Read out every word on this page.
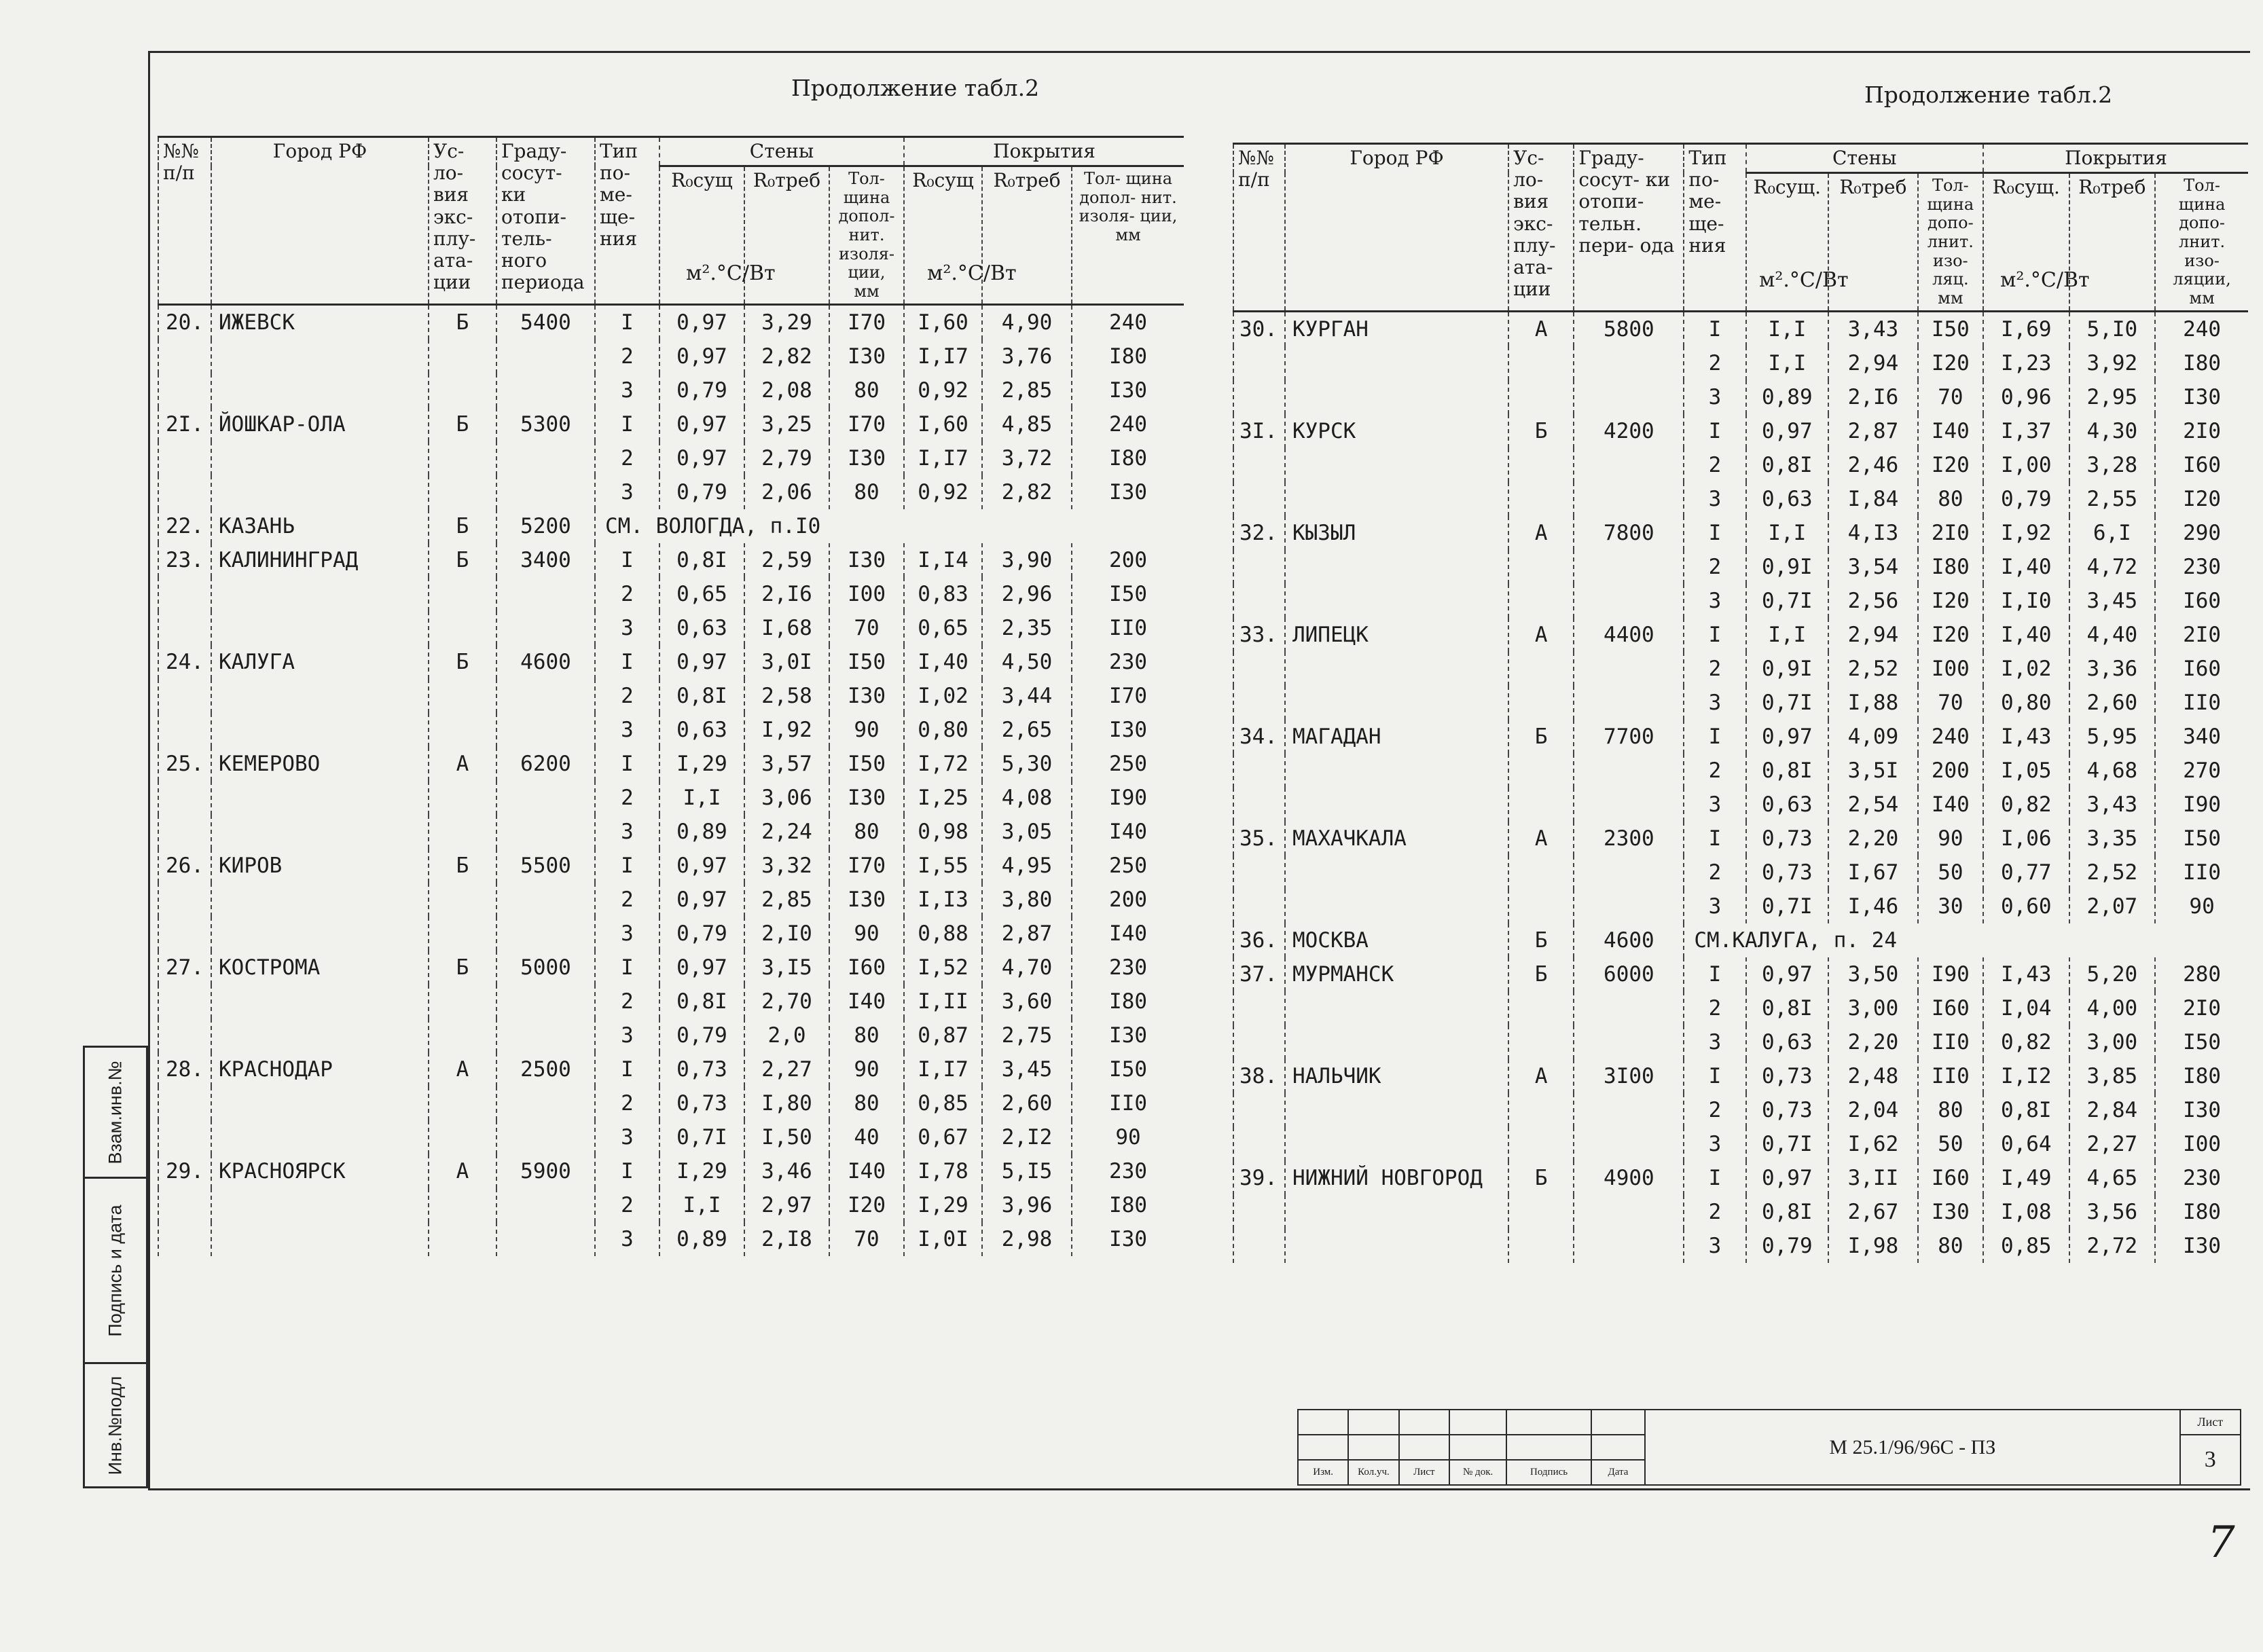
Взам.инв.№
Подпись и дата
Инв.№подл
Продолжение табл.2	Продолжение табл.2
№№ п/п	Город РФ	Ус- ло- вия экс- плу- ата- ции	Граду- сосут- ки отопи- тель- ного периода	Тип по- ме- ще- ния	Стены			Покрытия		
					R₀сущ	R₀треб	Тол- щина допол- нит. изоля- ции, мм	R₀сущ	R₀треб	Тол- щина допол- нит. изоля- ции, мм
20.	ИЖЕВСК	Б	5400	I	0,97	3,29	I70	I,60	4,90	240
				2	0,97	2,82	I30	I,I7	3,76	I80
				3	0,79	2,08	80	0,92	2,85	I30
2I.	ЙОШКАР-ОЛА	Б	5300	I	0,97	3,25	I70	I,60	4,85	240
				2	0,97	2,79	I30	I,I7	3,72	I80
				3	0,79	2,06	80	0,92	2,82	I30
22.	КАЗАНЬ	Б	5200	СМ. ВОЛОГДА, п.I0						
23.	КАЛИНИНГРАД	Б	3400	I	0,8I	2,59	I30	I,I4	3,90	200
				2	0,65	2,I6	I00	0,83	2,96	I50
				3	0,63	I,68	70	0,65	2,35	II0
24.	КАЛУГА	Б	4600	I	0,97	3,0I	I50	I,40	4,50	230
				2	0,8I	2,58	I30	I,02	3,44	I70
				3	0,63	I,92	90	0,80	2,65	I30
25.	КЕМЕРОВО	А	6200	I	I,29	3,57	I50	I,72	5,30	250
				2	I,I	3,06	I30	I,25	4,08	I90
				3	0,89	2,24	80	0,98	3,05	I40
26.	КИРОВ	Б	5500	I	0,97	3,32	I70	I,55	4,95	250
				2	0,97	2,85	I30	I,I3	3,80	200
				3	0,79	2,I0	90	0,88	2,87	I40
27.	КОСТРОМА	Б	5000	I	0,97	3,I5	I60	I,52	4,70	230
				2	0,8I	2,70	I40	I,II	3,60	I80
				3	0,79	2,0	80	0,87	2,75	I30
28.	КРАСНОДАР	А	2500	I	0,73	2,27	90	I,I7	3,45	I50
				2	0,73	I,80	80	0,85	2,60	II0
				3	0,7I	I,50	40	0,67	2,I2	90
29.	КРАСНОЯРСК	А	5900	I	I,29	3,46	I40	I,78	5,I5	230
				2	I,I	2,97	I20	I,29	3,96	I80
				3	0,89	2,I8	70	I,0I	2,98	I30
м².°С/Вт	м².°С/Вт
№№ п/п	Город РФ	Ус- ло- вия экс- плу- ата- ции	Граду- сосут- ки отопи- тельн. пери- ода	Тип по- ме- ще- ния	Стены			Покрытия		
					R₀сущ.	R₀треб	Тол- щина допо- лнит. изо- ляц. мм	R₀сущ.	R₀треб	Тол- щина допо- лнит. изо- ляции, мм
30.	КУРГАН	А	5800	I	I,I	3,43	I50	I,69	5,I0	240
				2	I,I	2,94	I20	I,23	3,92	I80
				3	0,89	2,I6	70	0,96	2,95	I30
3I.	КУРСК	Б	4200	I	0,97	2,87	I40	I,37	4,30	2I0
				2	0,8I	2,46	I20	I,00	3,28	I60
				3	0,63	I,84	80	0,79	2,55	I20
32.	КЫЗЫЛ	А	7800	I	I,I	4,I3	2I0	I,92	6,I	290
				2	0,9I	3,54	I80	I,40	4,72	230
				3	0,7I	2,56	I20	I,I0	3,45	I60
33.	ЛИПЕЦК	А	4400	I	I,I	2,94	I20	I,40	4,40	2I0
				2	0,9I	2,52	I00	I,02	3,36	I60
				3	0,7I	I,88	70	0,80	2,60	II0
34.	МАГАДАН	Б	7700	I	0,97	4,09	240	I,43	5,95	340
				2	0,8I	3,5I	200	I,05	4,68	270
				3	0,63	2,54	I40	0,82	3,43	I90
35.	МАХАЧКАЛА	А	2300	I	0,73	2,20	90	I,06	3,35	I50
				2	0,73	I,67	50	0,77	2,52	II0
				3	0,7I	I,46	30	0,60	2,07	90
36.	МОСКВА	Б	4600	СМ.КАЛУГА, п. 24						
37.	МУРМАНСК	Б	6000	I	0,97	3,50	I90	I,43	5,20	280
				2	0,8I	3,00	I60	I,04	4,00	2I0
				3	0,63	2,20	II0	0,82	3,00	I50
38.	НАЛЬЧИК	А	3I00	I	0,73	2,48	II0	I,I2	3,85	I80
				2	0,73	2,04	80	0,8I	2,84	I30
				3	0,7I	I,62	50	0,64	2,27	I00
39.	НИЖНИЙ НОВГОРОД	Б	4900	I	0,97	3,II	I60	I,49	4,65	230
				2	0,8I	2,67	I30	I,08	3,56	I80
				3	0,79	I,98	80	0,85	2,72	I30
м².°С/Вт	м².°С/Вт
						М 25.1/96/96С - ПЗ	Лист
							3
Изм.	Кол.уч.	Лист	№ док.	Подпись	Дата		
7
